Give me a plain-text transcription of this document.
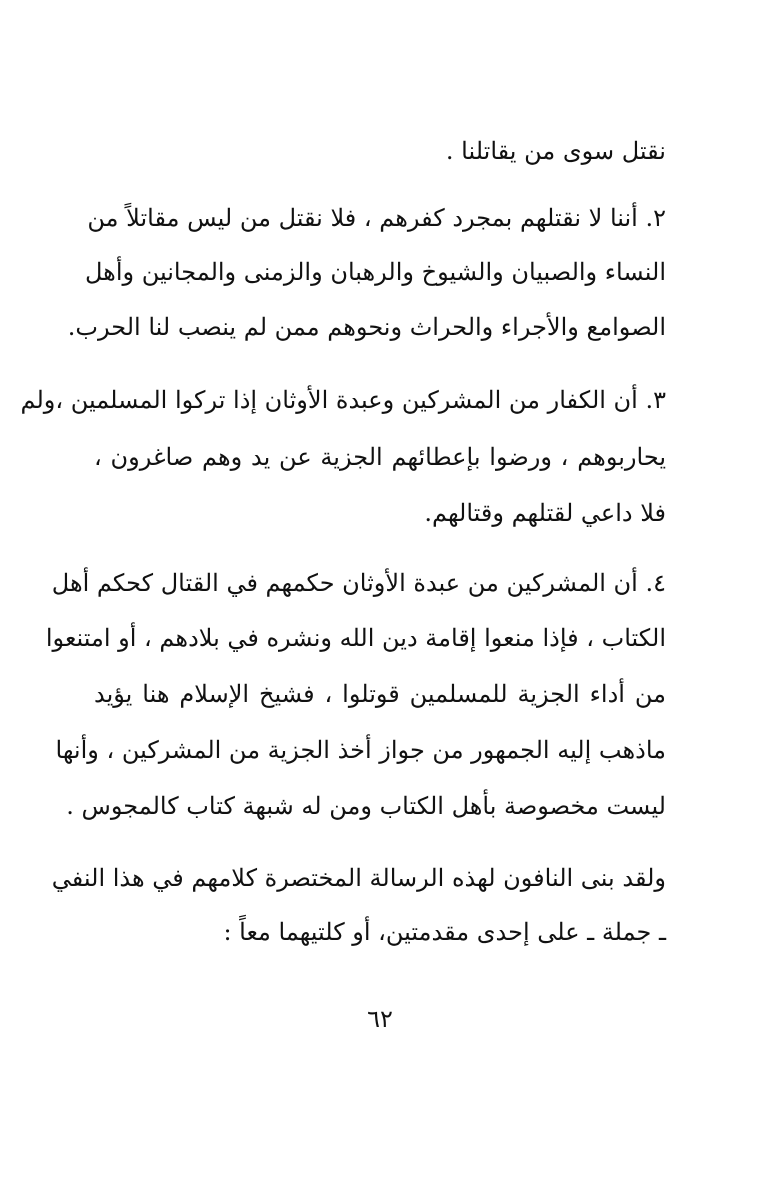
نقتل سوى من يقاتلنا .
٢. أننا لا نقتلهم بمجرد كفرهم ، فلا نقتل من ليس مقاتلاً من
النساء والصبيان والشيوخ والرهبان والزمنى والمجانين وأهل
الصوامع والأجراء والحراث ونحوهم ممن لم ينصب لنا الحرب.
٣. أن الكفار من المشركين وعبدة الأوثان إذا تركوا المسلمين ،ولم
يحاربوهم ، ورضوا بإعطائهم الجزية عن يد وهم صاغرون ،
فلا داعي لقتلهم وقتالهم.
٤. أن المشركين من عبدة الأوثان حكمهم في القتال كحكم أهل
الكتاب ، فإذا منعوا إقامة دين الله ونشره في بلادهم ، أو امتنعوا
من أداء الجزية للمسلمين قوتلوا ، فشيخ الإسلام هنا يؤيد
ماذهب إليه الجمهور من جواز أخذ الجزية من المشركين ، وأنها
ليست مخصوصة بأهل الكتاب ومن له شبهة كتاب كالمجوس .
ولقد بنى النافون لهذه الرسالة المختصرة كلامهم في هذا النفي
ـ جملة ـ على إحدى مقدمتين، أو كلتيهما معاً :
٦٢
